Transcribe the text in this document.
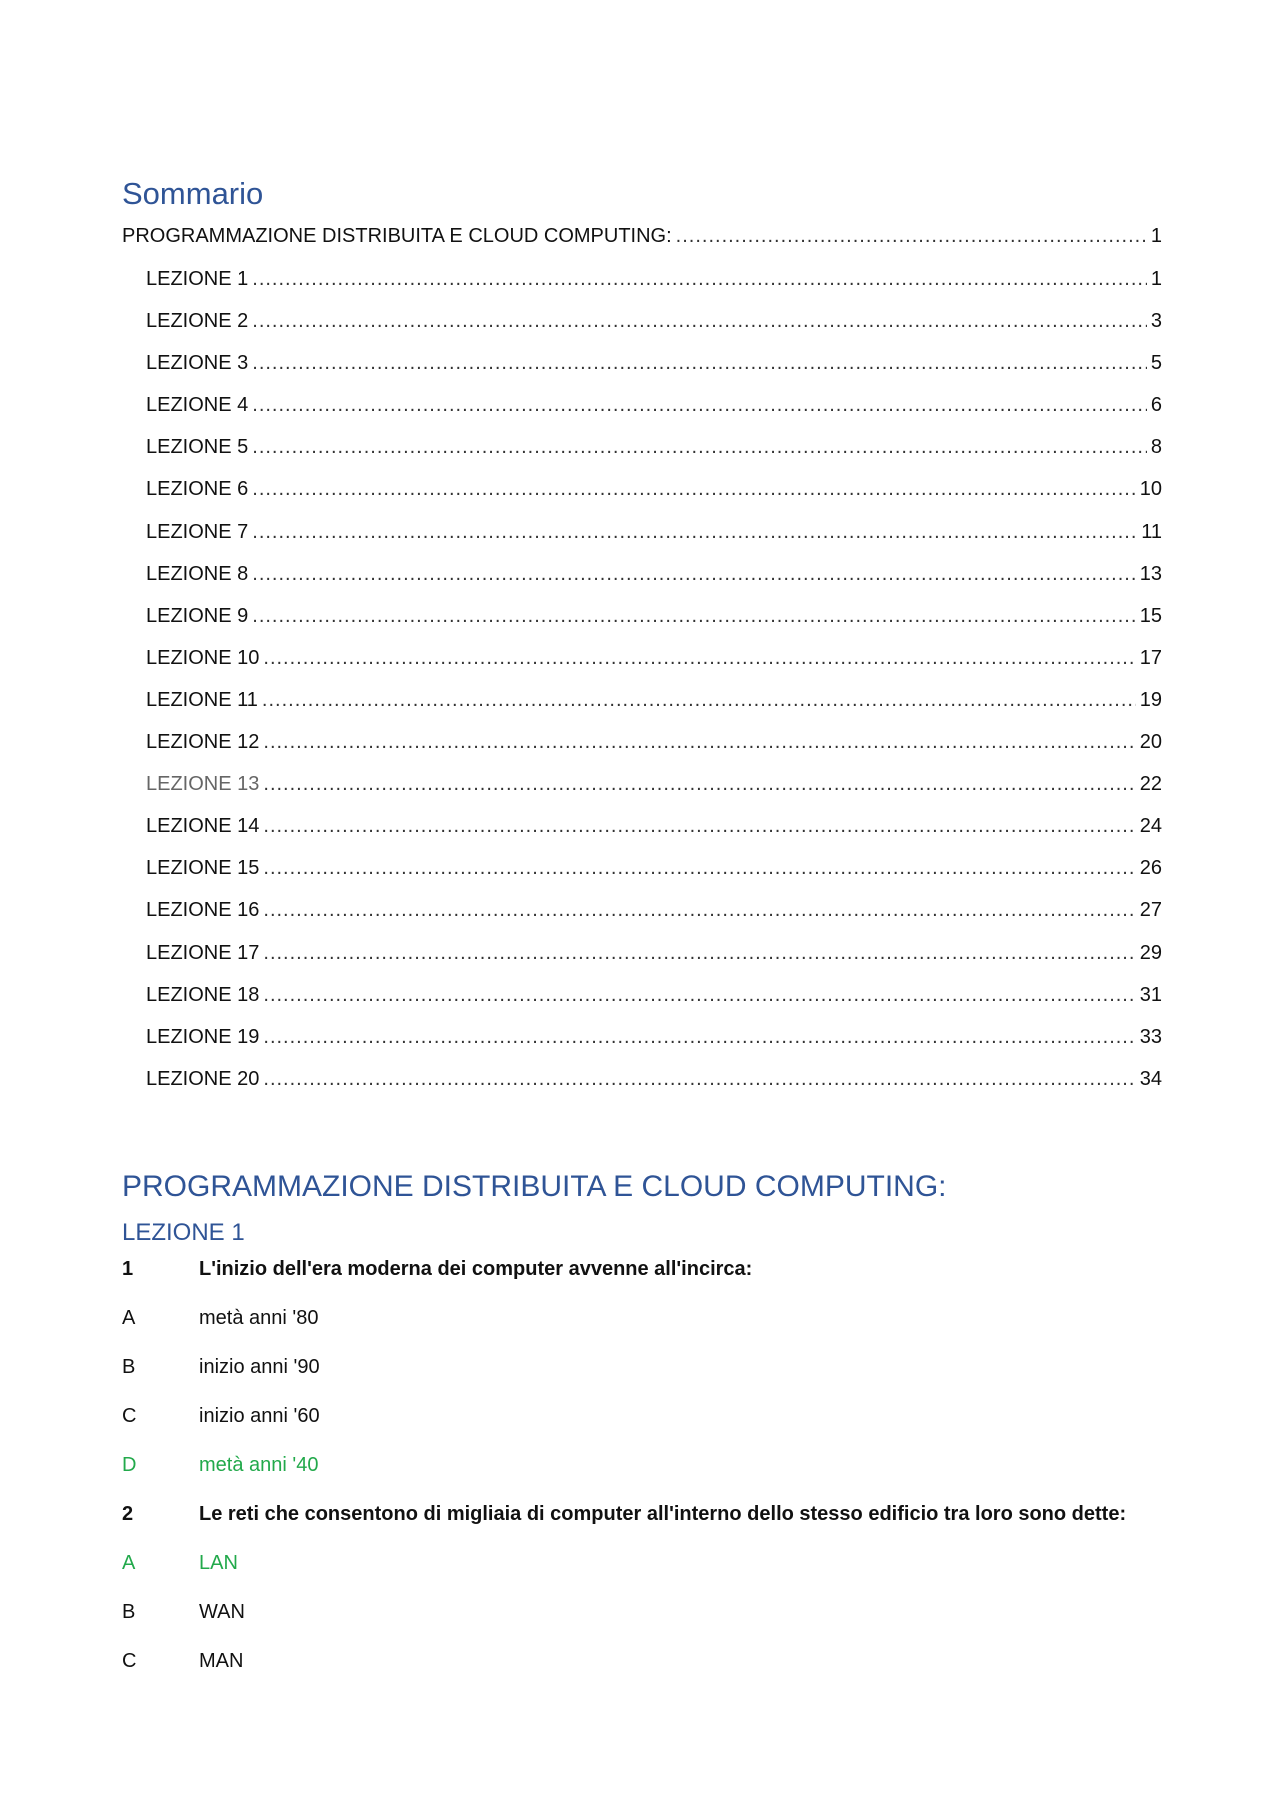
Sommario
PROGRAMMAZIONE DISTRIBUITA E CLOUD COMPUTING: .....	1
LEZIONE 1 .....	1
LEZIONE 2 .....	3
LEZIONE 3 .....	5
LEZIONE 4 .....	6
LEZIONE 5 .....	8
LEZIONE 6 .....	10
LEZIONE 7 .....	11
LEZIONE 8 .....	13
LEZIONE 9 .....	15
LEZIONE 10 .....	17
LEZIONE 11 .....	19
LEZIONE 12 .....	20
LEZIONE 13 .....	22
LEZIONE 14 .....	24
LEZIONE 15 .....	26
LEZIONE 16 .....	27
LEZIONE 17 .....	29
LEZIONE 18 .....	31
LEZIONE 19 .....	33
LEZIONE 20 .....	34
PROGRAMMAZIONE DISTRIBUITA E CLOUD COMPUTING:
LEZIONE 1
1	L'inizio dell'era moderna dei computer avvenne all'incirca:
A	metà anni '80
B	inizio anni '90
C	inizio anni '60
D	metà anni '40
2	Le reti che consentono di migliaia di computer all'interno dello stesso edificio tra loro sono dette:
A	LAN
B	WAN
C	MAN
